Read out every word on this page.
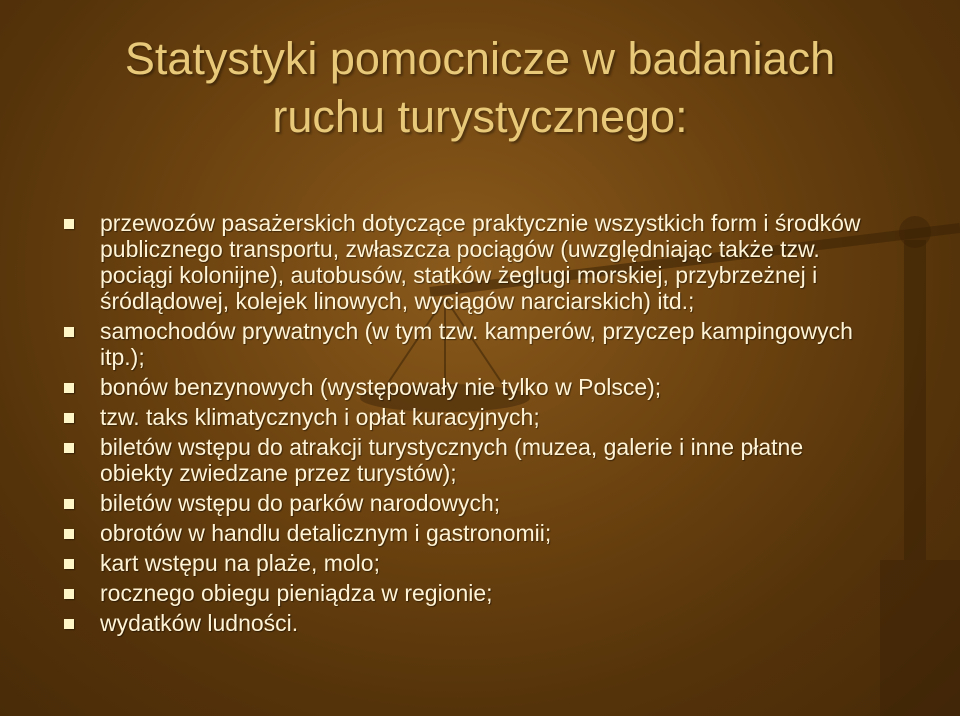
Statystyki pomocnicze w badaniach
ruchu turystycznego:
przewozów pasażerskich dotyczące praktycznie wszystkich form i środków publicznego transportu, zwłaszcza pociągów (uwzględniając także tzw. pociągi kolonijne), autobusów, statków żeglugi morskiej, przybrzeżnej i śródlądowej, kolejek linowych, wyciągów narciarskich) itd.;
samochodów prywatnych (w tym tzw. kamperów, przyczep kampingowych itp.);
bonów benzynowych (występowały nie tylko w Polsce);
tzw. taks klimatycznych i opłat kuracyjnych;
biletów wstępu do atrakcji turystycznych (muzea, galerie i inne płatne obiekty zwiedzane przez turystów);
biletów wstępu do parków narodowych;
obrotów w handlu detalicznym i gastronomii;
kart wstępu na plaże, molo;
rocznego obiegu pieniądza w regionie;
wydatków ludności.
